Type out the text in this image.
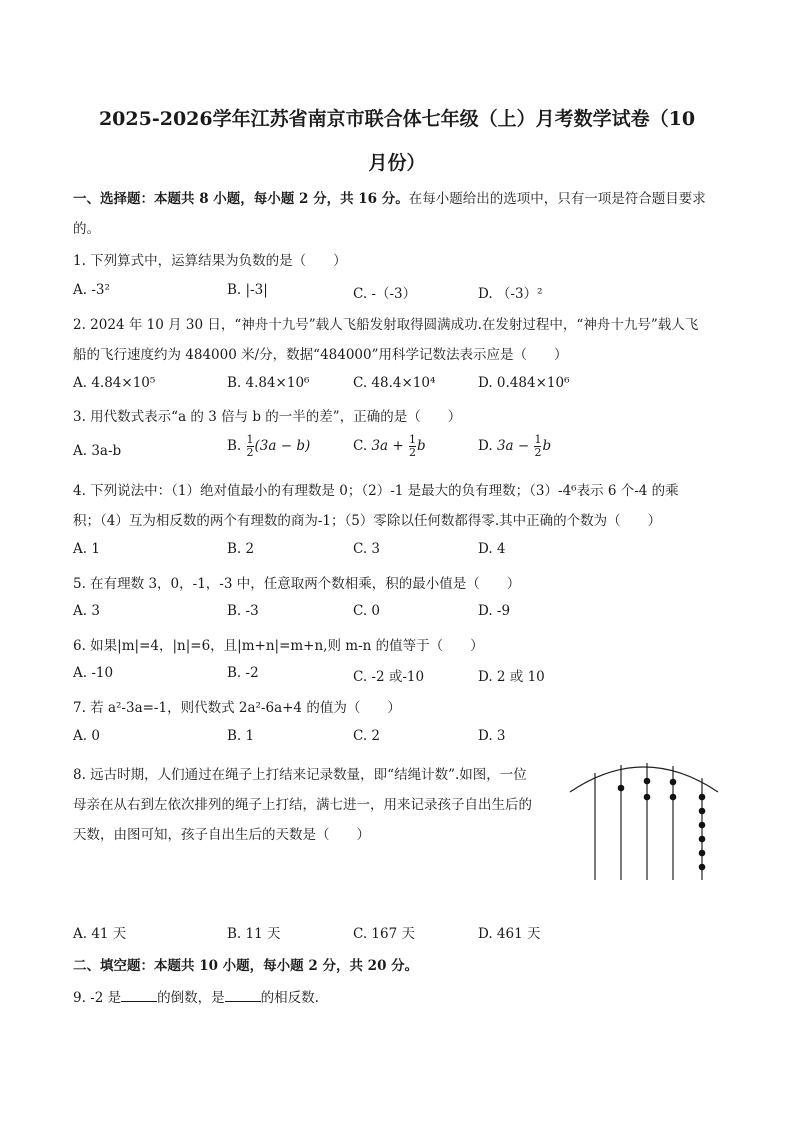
2025-2026学年江苏省南京市联合体七年级（上）月考数学试卷（10
月份）
一、选择题：本题共 8 小题，每小题 2 分，共 16 分。在每小题给出的选项中，只有一项是符合题目要求
的。
1. 下列算式中，运算结果为负数的是（　　）
A. -3²	B. |-3|	C. -（-3）	D. （-3）²
2. 2024 年 10 月 30 日，“神舟十九号”载人飞船发射取得圆满成功.在发射过程中，“神舟十九号”载人飞
船的飞行速度约为 484000 米/分，数据“484000”用科学记数法表示应是（　　）
A. 4.84×10⁵	B. 4.84×10⁶	C. 48.4×10⁴	D. 0.484×10⁶
3. 用代数式表示“a 的 3 倍与 b 的一半的差”，正确的是（　　）
A. 3a-b	B. $\frac{1}{2} (3a - b)$	C. $3a + \frac{1}{2}$ b	D. $3a - \frac{1}{2}$ b
4. 下列说法中：（1）绝对值最小的有理数是 0；（2）-1 是最大的负有理数；（3）-4⁶表示 6 个-4 的乘
积；（4）互为相反数的两个有理数的商为-1；（5）零除以任何数都得零.其中正确的个数为（　　）
A. 1	B. 2	C. 3	D. 4
5. 在有理数 3，0，-1，-3 中，任意取两个数相乘，积的最小值是（　　）
A. 3	B. -3	C. 0	D. -9
6. 如果|m|=4，|n|=6，且|m+n|=m+n,则 m-n 的值等于（　　）
A. -10	B. -2	C. -2 或-10	D. 2 或 10
7. 若 a²-3a=-1，则代数式 2a²-6a+4 的值为（　　）
A. 0	B. 1	C. 2	D. 3
8. 远古时期，人们通过在绳子上打结来记录数量，即“结绳计数”.如图，一位
母亲在从右到左依次排列的绳子上打结，满七进一，用来记录孩子自出生后的
天数，由图可知，孩子自出生后的天数是（　　）
A. 41 天	B. 11 天	C. 167 天	D. 461 天
二、填空题：本题共 10 小题，每小题 2 分，共 20 分。
9. -2 是	的倒数，是	的相反数.
